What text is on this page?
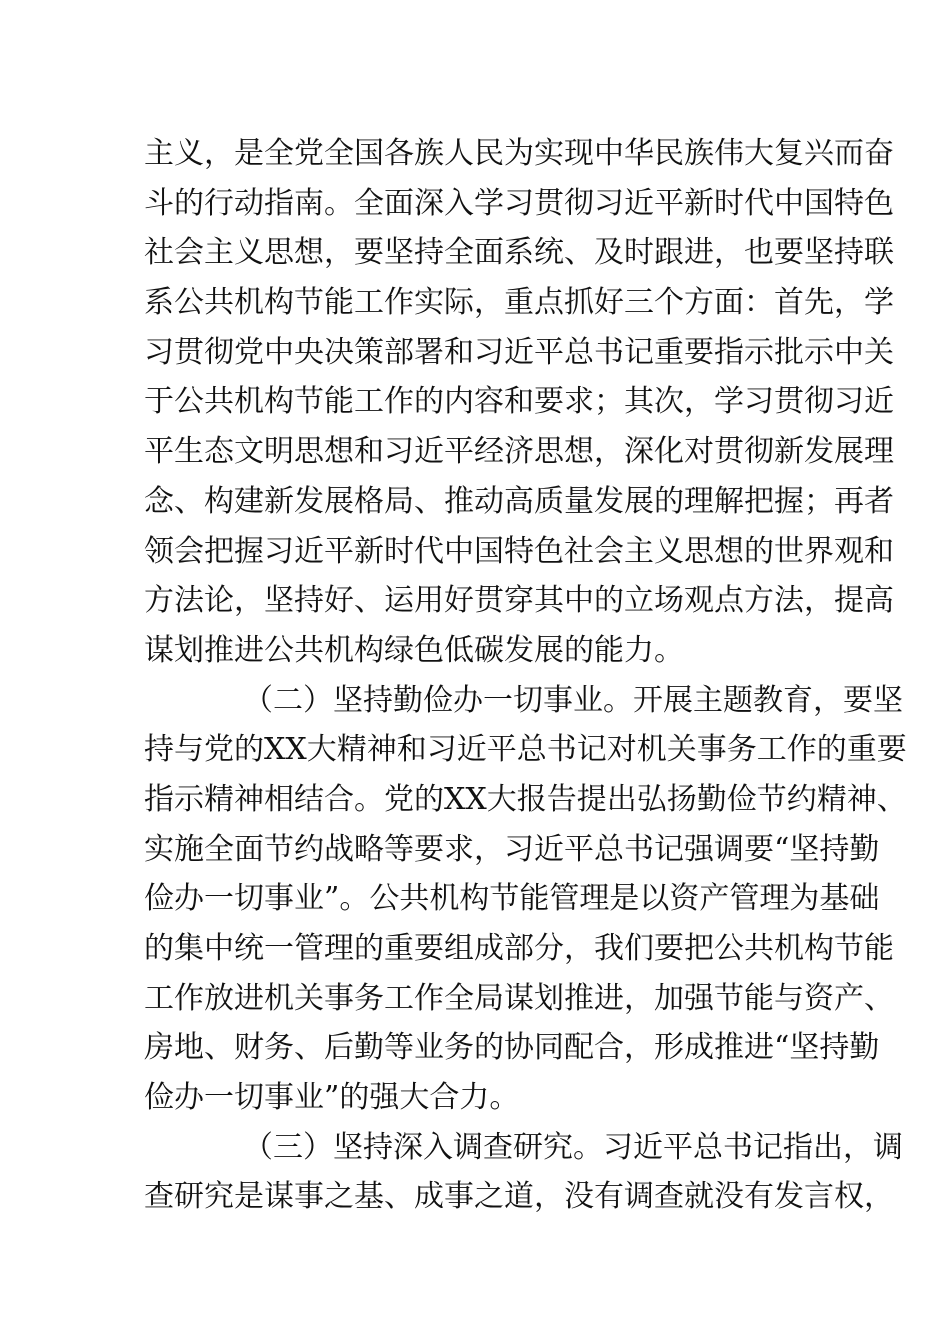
主义，是全党全国各族人民为实现中华民族伟大复兴而奋
斗的行动指南。全面深入学习贯彻习近平新时代中国特色
社会主义思想，要坚持全面系统、及时跟进，也要坚持联
系公共机构节能工作实际，重点抓好三个方面：首先，学
习贯彻党中央决策部署和习近平总书记重要指示批示中关
于公共机构节能工作的内容和要求；其次，学习贯彻习近
平生态文明思想和习近平经济思想，深化对贯彻新发展理
念、构建新发展格局、推动高质量发展的理解把握；再者
领会把握习近平新时代中国特色社会主义思想的世界观和
方法论，坚持好、运用好贯穿其中的立场观点方法，提高
谋划推进公共机构绿色低碳发展的能力。
（二）坚持勤俭办一切事业。开展主题教育，要坚
持与党的XX大精神和习近平总书记对机关事务工作的重要
指示精神相结合。党的XX大报告提出弘扬勤俭节约精神、
实施全面节约战略等要求，习近平总书记强调要“坚持勤
俭办一切事业”。公共机构节能管理是以资产管理为基础
的集中统一管理的重要组成部分，我们要把公共机构节能
工作放进机关事务工作全局谋划推进，加强节能与资产、
房地、财务、后勤等业务的协同配合，形成推进“坚持勤
俭办一切事业”的强大合力。
（三）坚持深入调查研究。习近平总书记指出，调
查研究是谋事之基、成事之道，没有调查就没有发言权，
